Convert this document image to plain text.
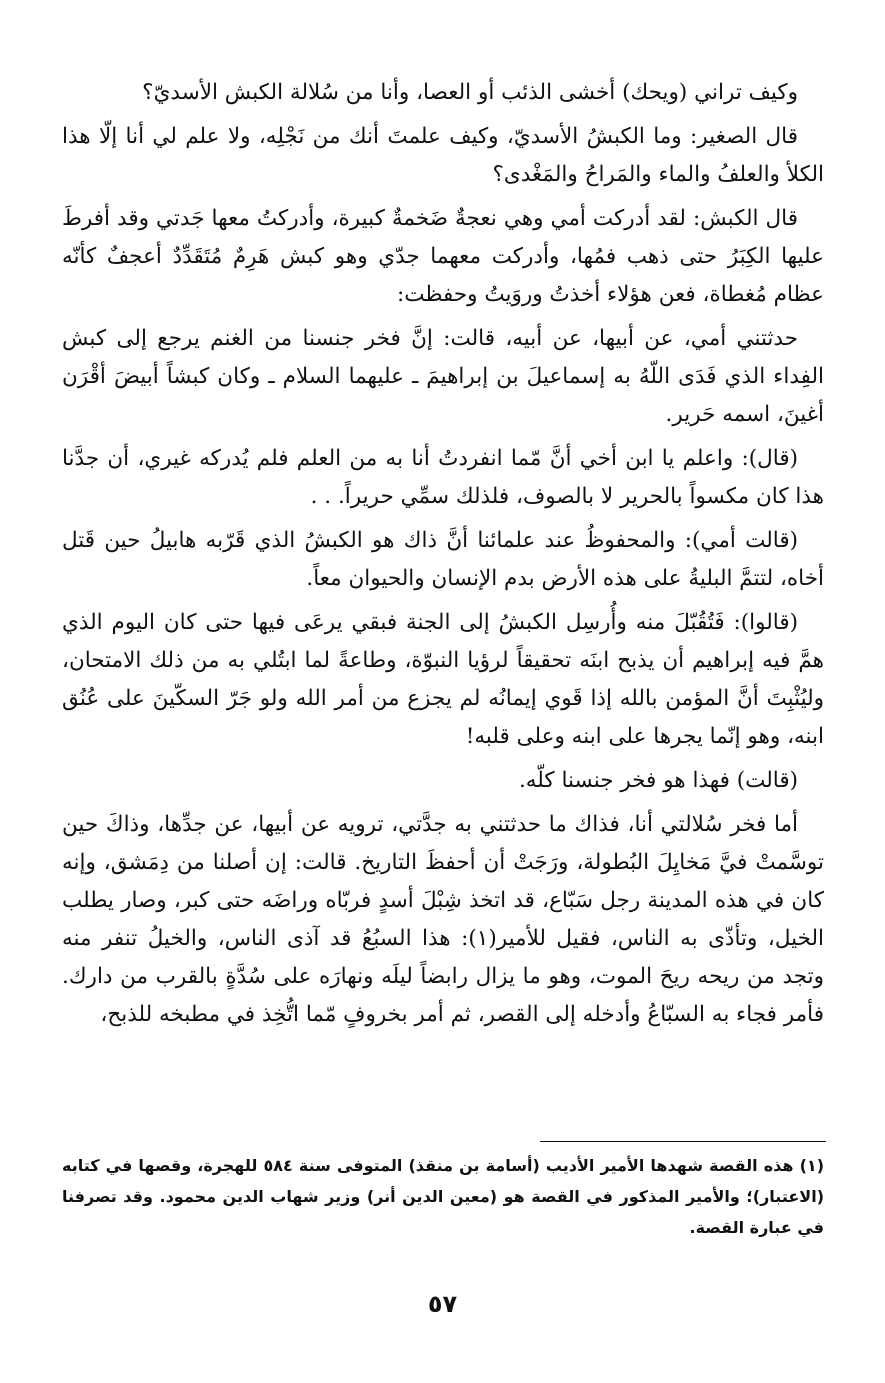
وكيف تراني (ويحك) أخشى الذئب أو العصا، وأنا من سُلالة الكبش الأسديّ؟

قال الصغير: وما الكبشُ الأسديّ، وكيف علمتَ أنك من نَجْلِه، ولا علم لي أنا إلّا هذا الكلأ والعلفُ والماء والمَراحُ والمَغْدى؟

قال الكبش: لقد أدركت أمي وهي نعجةٌ ضَخمةٌ كبيرة، وأدركتُ معها جَدتي وقد أفرطَ عليها الكِبَرُ حتى ذهب فمُها، وأدركت معهما جدّي وهو كبش هَرِمٌ مُتَقَدِّدٌ أعجفٌ كأنّه عظام مُغطاة، فعن هؤلاء أخذتُ وروَيتُ وحفظت:

حدثتني أمي، عن أبيها، عن أبيه، قالت: إنَّ فخر جنسنا من الغنم يرجع إلى كبش الفِداء الذي فَدَى اللّهُ به إسماعيلَ بن إبراهيمَ ـ عليهما السلام ـ وكان كبشاً أبيضَ أقْرَن أغينَ، اسمه حَرير.

(قال): واعلم يا ابن أخي أنَّ مّما انفردتُ أنا به من العلم فلم يُدركه غيري، أن جدَّنا هذا كان مكسواً بالحرير لا بالصوف، فلذلك سمِّي حريراً. . .

(قالت أمي): والمحفوظُ عند علمائنا أنَّ ذاك هو الكبشُ الذي قَرّبه هابيلُ حين قَتل أخاه، لتتمَّ البليةُ على هذه الأرض بدم الإنسان والحيوان معاً.

(قالوا): فَتُقُبّلَ منه وأُرسِل الكبشُ إلى الجنة فبقي يرعَى فيها حتى كان اليوم الذي همَّ فيه إبراهيم أن يذبح ابنَه تحقيقاً لرؤيا النبوّة، وطاعةً لما ابتُلي به من ذلك الامتحان، وليُثْبِتَ أنَّ المؤمن بالله إذا قَوي إيمانُه لم يجزع من أمر الله ولو جَرّ السكّينَ على عُنُق ابنه، وهو إنّما يجرها على ابنه وعلى قلبه!

(قالت) فهذا هو فخر جنسنا كلّه.

أما فخر سُلالتي أنا، فذاك ما حدثتني به جدَّتي، ترويه عن أبيها، عن جدِّها، وذاكَ حين توسَّمتْ فيَّ مَخايِلَ البُطولة، ورَجَتْ أن أحفظَ التاريخ. قالت: إن أصلنا من دِمَشق، وإنه كان في هذه المدينة رجل سَبّاع، قد اتخذ شِبْلَ أسدٍ فربّاه وراضَه حتى كبر، وصار يطلب الخيل، وتأذّى به الناس، فقيل للأمير(١): هذا السبُعُ قد آذى الناس، والخيلُ تنفر منه وتجد من ريحه ريحَ الموت، وهو ما يزال رابضاً ليلَه ونهارَه على سُدَّةٍ بالقرب من دارك. فأمر فجاء به السبّاعُ وأدخله إلى القصر، ثم أمر بخروفٍ مّما اتُّخِذ في مطبخه للذبح،

(١) هذه القصة شهدها الأمير الأديب (أسامة بن منقذ) المتوفى سنة ٥٨٤ للهجرة، وقصها في كتابه (الاعتبار)؛ والأمير المذكور في القصة هو (معين الدين أنر) وزير شهاب الدين محمود. وقد تصرفنا في عبارة القصة.
٥٧
